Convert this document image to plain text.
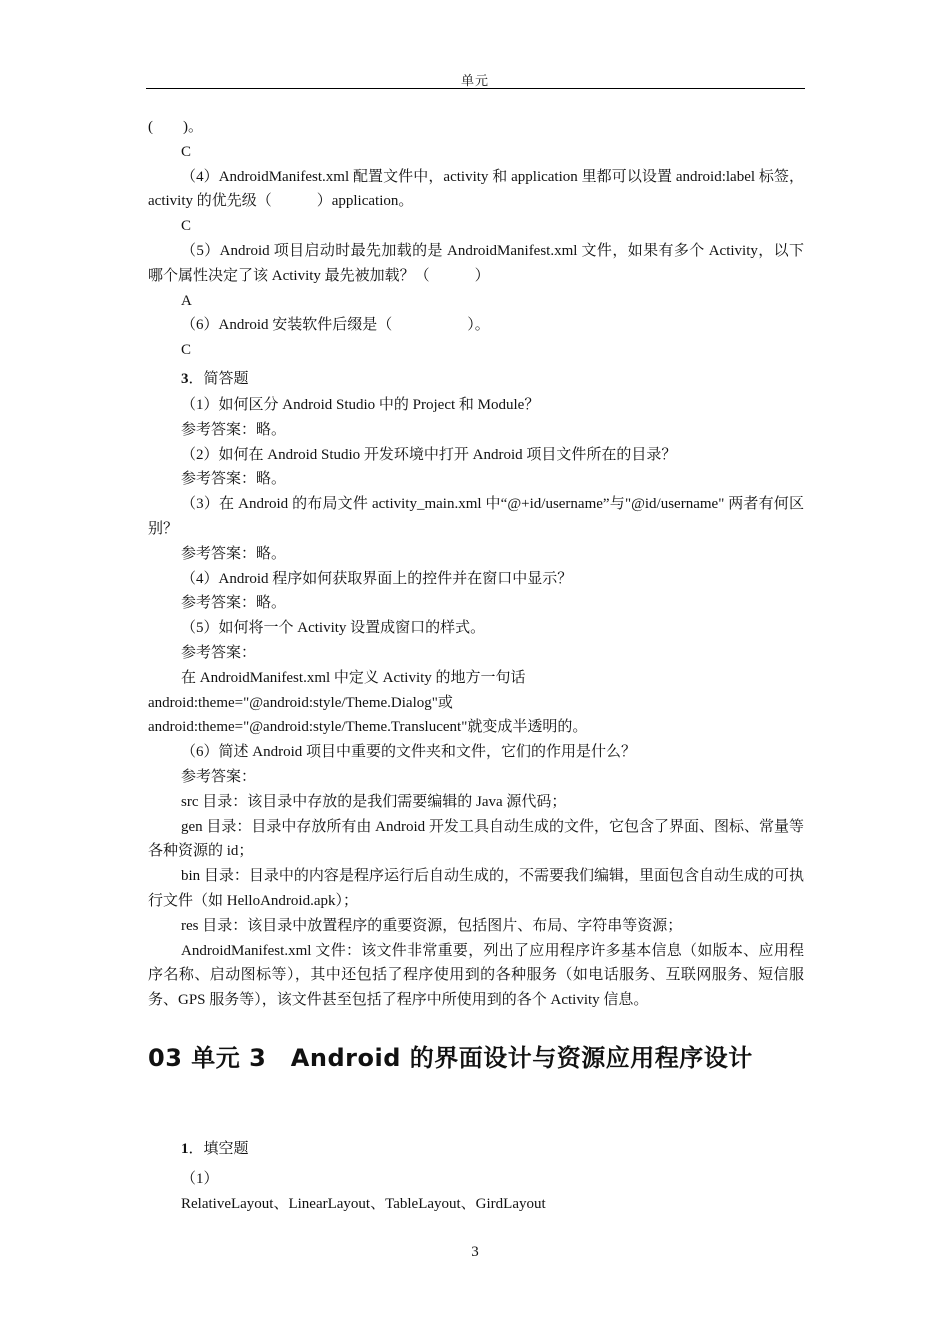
单元
(　　)。
C
（4）AndroidManifest.xml 配置文件中，activity 和 application 里都可以设置 android:label 标签，activity 的优先级（　　　）application。
C
（5）Android 项目启动时最先加载的是 AndroidManifest.xml 文件，如果有多个 Activity，以下哪个属性决定了该 Activity 最先被加载？（　　　）
A
（6）Android 安装软件后缀是（　　　　　）。
C
3．简答题
（1）如何区分 Android Studio 中的 Project 和 Module？
参考答案：略。
（2）如何在 Android Studio 开发环境中打开 Android 项目文件所在的目录？
参考答案：略。
（3）在 Android 的布局文件 activity_main.xml 中“@+id/username”与"@id/username" 两者有何区别？
参考答案：略。
（4）Android 程序如何获取界面上的控件并在窗口中显示？
参考答案：略。
（5）如何将一个 Activity 设置成窗口的样式。
参考答案：
在 AndroidManifest.xml 中定义 Activity 的地方一句话
android:theme="@android:style/Theme.Dialog"或
android:theme="@android:style/Theme.Translucent"就变成半透明的。
（6）简述 Android 项目中重要的文件夹和文件，它们的作用是什么？
参考答案：
src 目录：该目录中存放的是我们需要编辑的 Java 源代码；
gen 目录：目录中存放所有由 Android 开发工具自动生成的文件，它包含了界面、图标、常量等各种资源的 id；
bin 目录：目录中的内容是程序运行后自动生成的，不需要我们编辑，里面包含自动生成的可执行文件（如 HelloAndroid.apk）；
res 目录：该目录中放置程序的重要资源，包括图片、布局、字符串等资源；
AndroidManifest.xml 文件：该文件非常重要，列出了应用程序许多基本信息（如版本、应用程序名称、启动图标等），其中还包括了程序使用到的各种服务（如电话服务、互联网服务、短信服务、GPS 服务等），该文件甚至包括了程序中所使用到的各个 Activity 信息。
03 单元 3　Android 的界面设计与资源应用程序设计
1．填空题
（1）
RelativeLayout、LinearLayout、TableLayout、GirdLayout
3
